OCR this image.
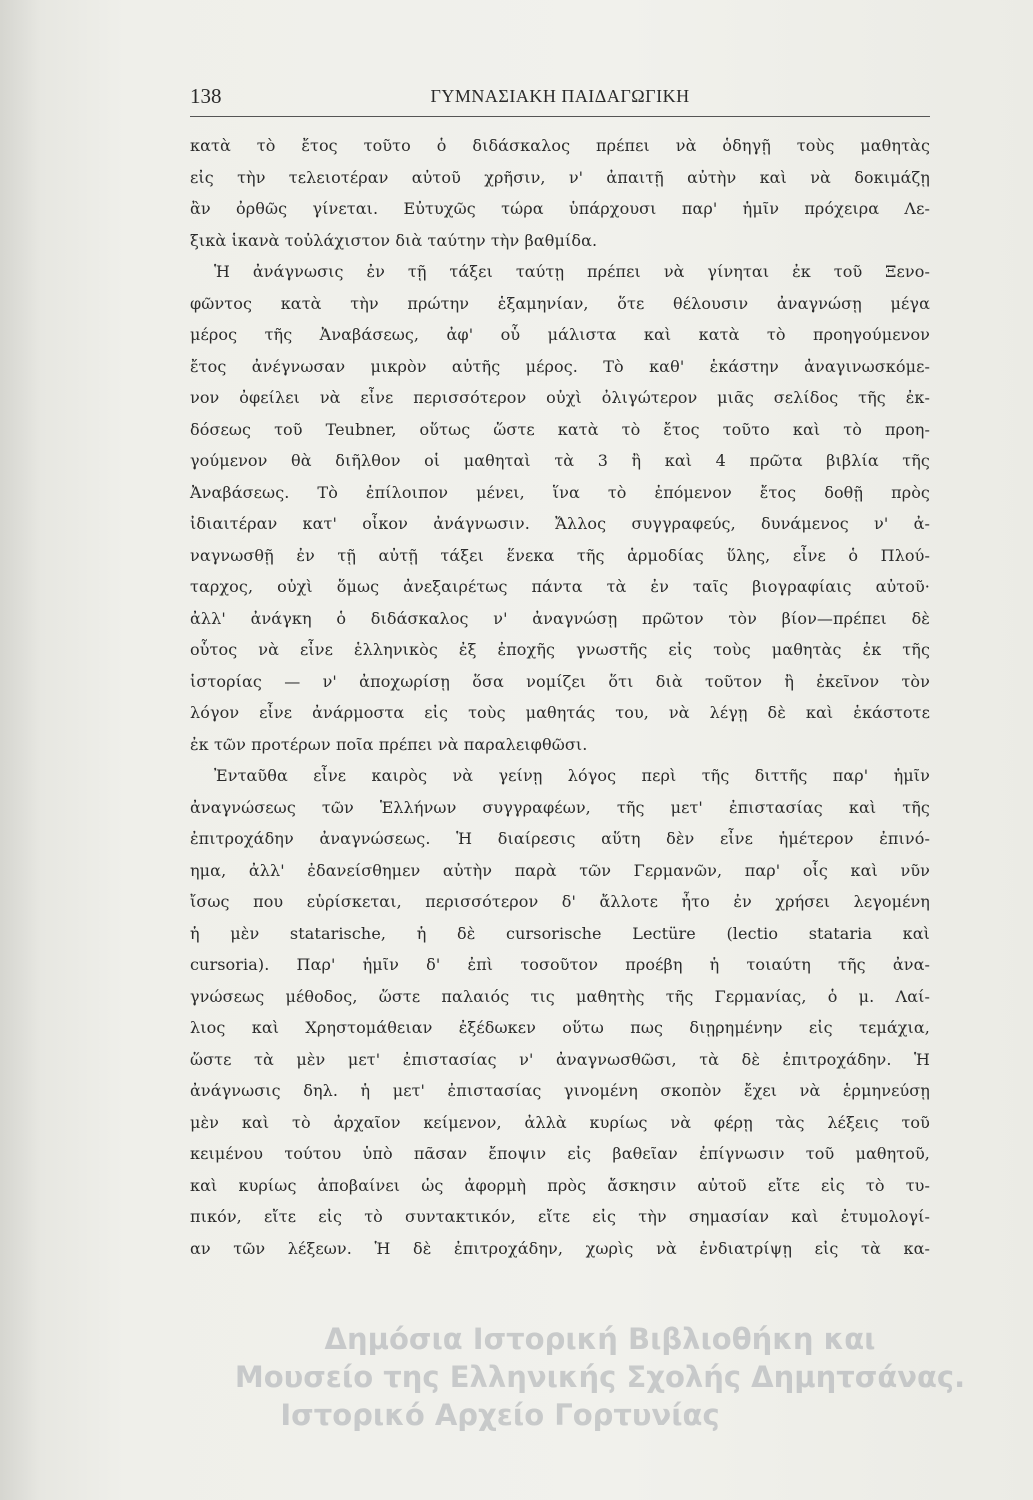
138	ΓΥΜΝΑΣΙΑΚΗ ΠΑΙΔΑΓΩΓΙΚΗ
κατὰ τὸ ἔτος τοῦτο ὁ διδάσκαλος πρέπει νὰ ὁδηγῇ τοὺς μαθητὰς
εἰς τὴν τελειοτέραν αὐτοῦ χρῆσιν, ν' ἀπαιτῇ αὐτὴν καὶ νὰ δοκιμάζῃ
ἂν ὀρθῶς γίνεται. Εὐτυχῶς τώρα ὑπάρχουσι παρ' ἡμῖν πρόχειρα Λε-
ξικὰ ἱκανὰ τοὐλάχιστον διὰ ταύτην τὴν βαθμίδα.
Ἡ ἀνάγνωσις ἐν τῇ τάξει ταύτῃ πρέπει νὰ γίνηται ἐκ τοῦ Ξενο-
φῶντος κατὰ τὴν πρώτην ἑξαμηνίαν, ὅτε θέλουσιν ἀναγνώσῃ μέγα
μέρος τῆς Ἀναβάσεως, ἀφ' οὗ μάλιστα καὶ κατὰ τὸ προηγούμενον
ἔτος ἀνέγνωσαν μικρὸν αὐτῆς μέρος. Τὸ καθ' ἑκάστην ἀναγινωσκόμε-
νον ὀφείλει νὰ εἶνε περισσότερον οὐχὶ ὀλιγώτερον μιᾶς σελίδος τῆς ἐκ-
δόσεως τοῦ Teubner, οὕτως ὥστε κατὰ τὸ ἔτος τοῦτο καὶ τὸ προη-
γούμενον θὰ διῆλθον οἱ μαθηταὶ τὰ 3 ἢ καὶ 4 πρῶτα βιβλία τῆς
Ἀναβάσεως. Τὸ ἐπίλοιπον μένει, ἵνα τὸ ἑπόμενον ἔτος δοθῇ πρὸς
ἰδιαιτέραν κατ' οἶκον ἀνάγνωσιν. Ἄλλος συγγραφεύς, δυνάμενος ν' ἀ-
ναγνωσθῇ ἐν τῇ αὐτῇ τάξει ἕνεκα τῆς ἁρμοδίας ὕλης, εἶνε ὁ Πλού-
ταρχος, οὐχὶ ὅμως ἀνεξαιρέτως πάντα τὰ ἐν ταῖς βιογραφίαις αὐτοῦ·
ἀλλ' ἀνάγκη ὁ διδάσκαλος ν' ἀναγνώσῃ πρῶτον τὸν βίον—πρέπει δὲ
οὗτος νὰ εἶνε ἑλληνικὸς ἐξ ἐποχῆς γνωστῆς εἰς τοὺς μαθητὰς ἐκ τῆς
ἱστορίας — ν' ἀποχωρίσῃ ὅσα νομίζει ὅτι διὰ τοῦτον ἢ ἐκεῖνον τὸν
λόγον εἶνε ἀνάρμοστα εἰς τοὺς μαθητάς του, νὰ λέγῃ δὲ καὶ ἑκάστοτε
ἐκ τῶν προτέρων ποῖα πρέπει νὰ παραλειφθῶσι.
Ἐνταῦθα εἶνε καιρὸς νὰ γείνῃ λόγος περὶ τῆς διττῆς παρ' ἡμῖν
ἀναγνώσεως τῶν Ἑλλήνων συγγραφέων, τῆς μετ' ἐπιστασίας καὶ τῆς
ἐπιτροχάδην ἀναγνώσεως. Ἡ διαίρεσις αὕτη δὲν εἶνε ἡμέτερον ἐπινό-
ημα, ἀλλ' ἐδανείσθημεν αὐτὴν παρὰ τῶν Γερμανῶν, παρ' οἷς καὶ νῦν
ἴσως που εὑρίσκεται, περισσότερον δ' ἄλλοτε ἦτο ἐν χρήσει λεγομένη
ἡ μὲν statarische, ἡ δὲ cursorische Lectüre (lectio stataria καὶ
cursoria). Παρ' ἡμῖν δ' ἐπὶ τοσοῦτον προέβη ἡ τοιαύτη τῆς ἀνα-
γνώσεως μέθοδος, ὥστε παλαιός τις μαθητὴς τῆς Γερμανίας, ὁ μ. Λαί-
λιος καὶ Χρηστομάθειαν ἐξέδωκεν οὕτω πως διῃρημένην εἰς τεμάχια,
ὥστε τὰ μὲν μετ' ἐπιστασίας ν' ἀναγνωσθῶσι, τὰ δὲ ἐπιτροχάδην. Ἡ
ἀνάγνωσις δηλ. ἡ μετ' ἐπιστασίας γινομένη σκοπὸν ἔχει νὰ ἑρμηνεύσῃ
μὲν καὶ τὸ ἀρχαῖον κείμενον, ἀλλὰ κυρίως νὰ φέρῃ τὰς λέξεις τοῦ
κειμένου τούτου ὑπὸ πᾶσαν ἔποψιν εἰς βαθεῖαν ἐπίγνωσιν τοῦ μαθητοῦ,
καὶ κυρίως ἀποβαίνει ὡς ἀφορμὴ πρὸς ἄσκησιν αὐτοῦ εἴτε εἰς τὸ τυ-
πικόν, εἴτε εἰς τὸ συντακτικόν, εἴτε εἰς τὴν σημασίαν καὶ ἐτυμολογί-
αν τῶν λέξεων. Ἡ δὲ ἐπιτροχάδην, χωρὶς νὰ ἐνδιατρίψῃ εἰς τὰ κα-
Δημόσια Ιστορική Βιβλιοθήκη και
Μουσείο της Ελληνικής Σχολής Δημητσάνας.
Ιστορικό Αρχείο Γορτυνίας
